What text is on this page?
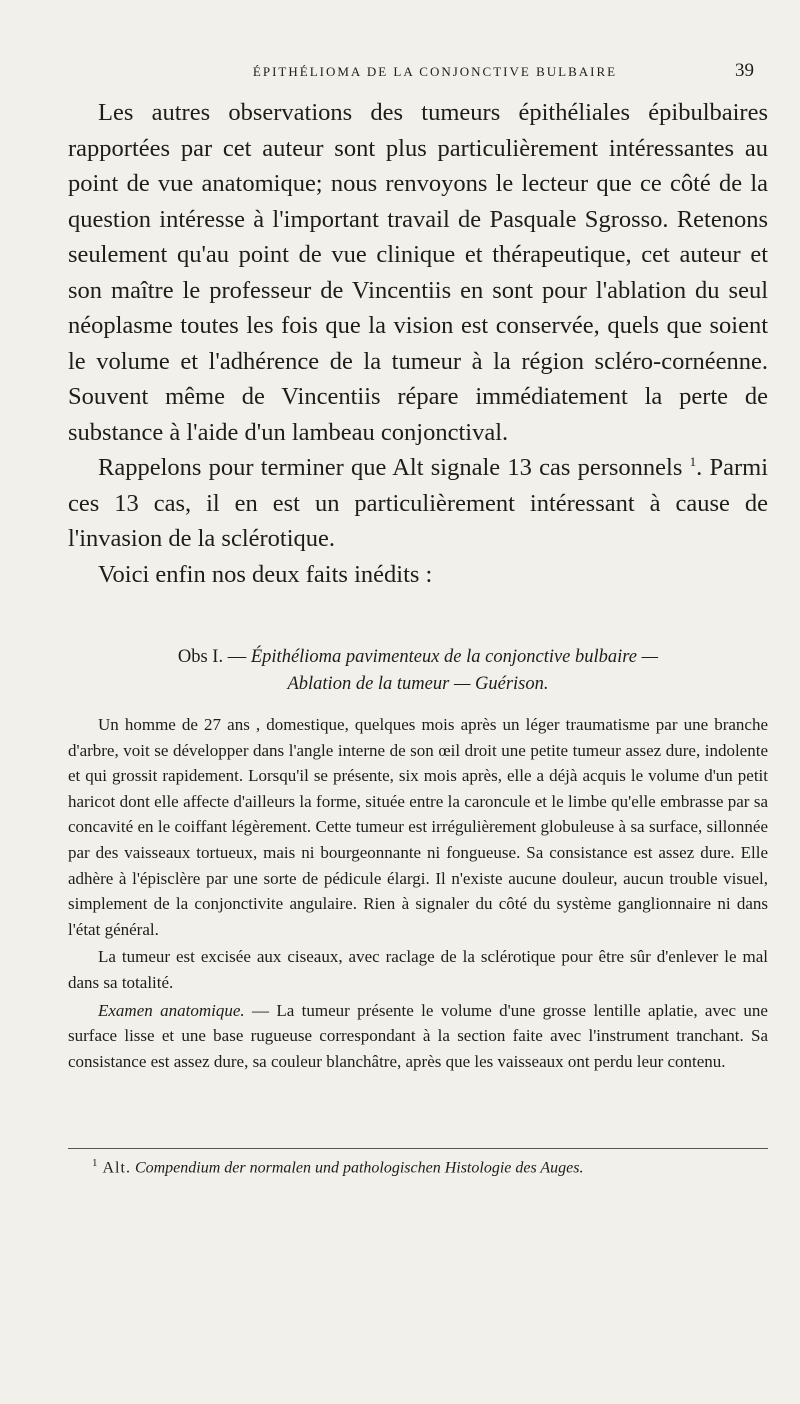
ÉPITHÉLIOMA DE LA CONJONCTIVE BULBAIRE	39

Les autres observations des tumeurs épithéliales épibulbaires rapportées par cet auteur sont plus particulièrement intéressantes au point de vue anatomique; nous renvoyons le lecteur que ce côté de la question intéresse à l'important travail de Pasquale Sgrosso. Retenons seulement qu'au point de vue clinique et thérapeutique, cet auteur et son maître le professeur de Vincentiis en sont pour l'ablation du seul néoplasme toutes les fois que la vision est conservée, quels que soient le volume et l'adhérence de la tumeur à la région scléro-cornéenne. Souvent même de Vincentiis répare immédiatement la perte de substance à l'aide d'un lambeau conjonctival.

Rappelons pour terminer que Alt signale 13 cas personnels $^1$. Parmi ces 13 cas, il en est un particulièrement intéressant à cause de l'invasion de la sclérotique.

Voici enfin nos deux faits inédits :

Obs I. — Épithélioma pavimenteux de la conjonctive bulbaire —
Ablation de la tumeur — Guérison.

Un homme de 27 ans , domestique, quelques mois après un léger traumatisme par une branche d'arbre, voit se développer dans l'angle interne de son œil droit une petite tumeur assez dure, indolente et qui grossit rapidement. Lorsqu'il se présente, six mois après, elle a déjà acquis le volume d'un petit haricot dont elle affecte d'ailleurs la forme, située entre la caroncule et le limbe qu'elle embrasse par sa concavité en le coiffant légèrement. Cette tumeur est irrégulièrement globuleuse à sa surface, sillonnée par des vaisseaux tortueux, mais ni bourgeonnante ni fongueuse. Sa consistance est assez dure. Elle adhère à l'épisclère par une sorte de pédicule élargi. Il n'existe aucune douleur, aucun trouble visuel, simplement de la conjonctivite angulaire. Rien à signaler du côté du système ganglionnaire ni dans l'état général.

La tumeur est excisée aux ciseaux, avec raclage de la sclérotique pour être sûr d'enlever le mal dans sa totalité.

Examen anatomique. — La tumeur présente le volume d'une grosse lentille aplatie, avec une surface lisse et une base rugueuse correspondant à la section faite avec l'instrument tranchant. Sa consistance est assez dure, sa couleur blanchâtre, après que les vaisseaux ont perdu leur contenu.

$^1$ Alt. Compendium der normalen und pathologischen Histologie des Auges.
